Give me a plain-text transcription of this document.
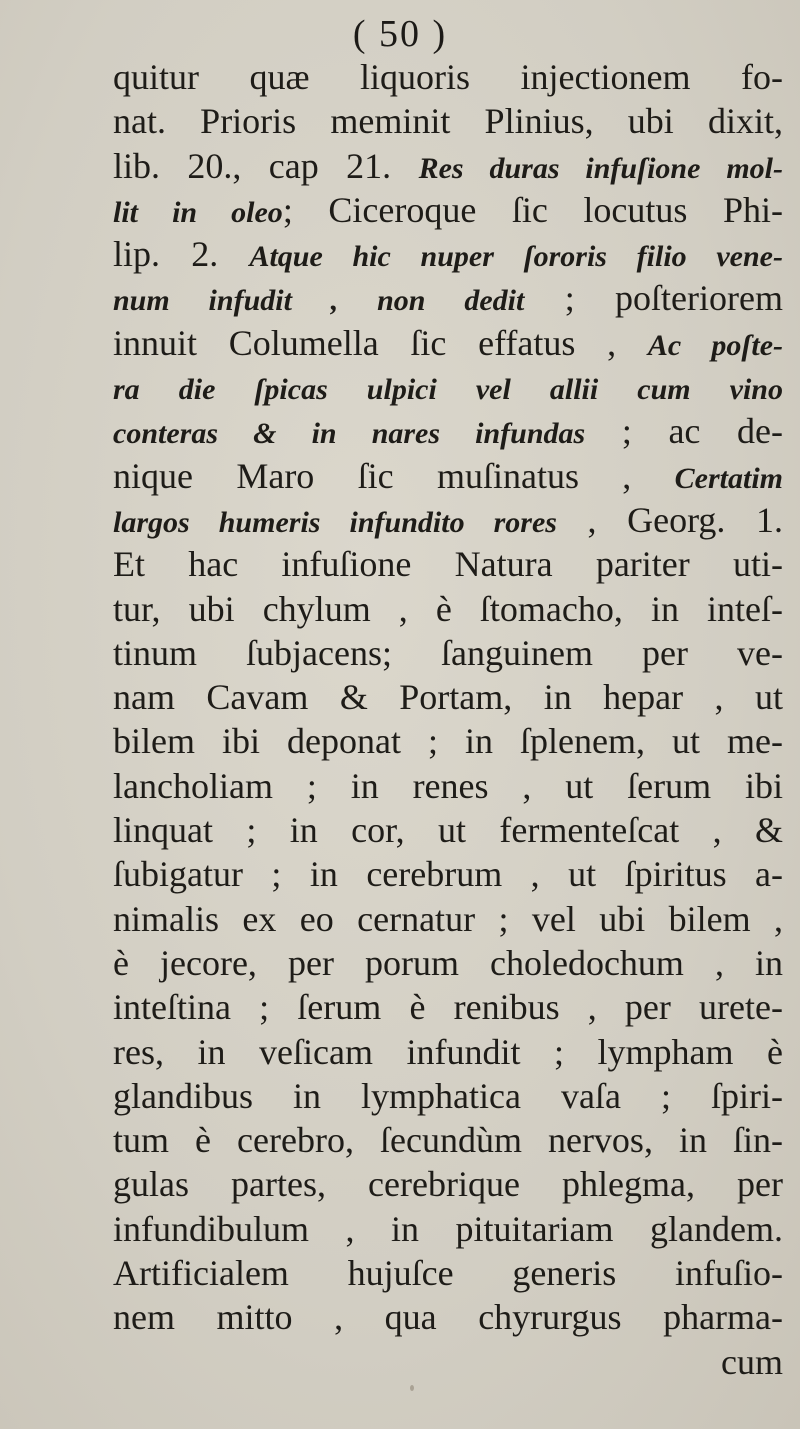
( 50 )
quitur quæ liquoris injectionem fo-
nat. Prioris meminit Plinius, ubi dixit,
lib. 20., cap 21. Res duras infuſione mol-
lit in oleo; Ciceroque ſic locutus Phi-
lip. 2. Atque hic nuper ſororis filio vene-
num infudit , non dedit ; poſteriorem
innuit Columella ſic effatus , Ac poſte-
ra die ſpicas ulpici vel allii cum vino
conteras & in nares infundas ; ac de-
nique Maro ſic muſinatus , Certatim
largos humeris infundito rores , Georg. 1.
Et hac infuſione Natura pariter uti-
tur, ubi chylum , è ſtomacho, in inteſ-
tinum ſubjacens; ſanguinem per ve-
nam Cavam & Portam, in hepar , ut
bilem ibi deponat ; in ſplenem, ut me-
lancholiam ; in renes , ut ſerum ibi
linquat ; in cor, ut fermenteſcat , &
ſubigatur ; in cerebrum , ut ſpiritus a-
nimalis ex eo cernatur ; vel ubi bilem ,
è jecore, per porum choledochum , in
inteſtina ; ſerum è renibus , per urete-
res, in veſicam infundit ; lympham è
glandibus in lymphatica vaſa ; ſpiri-
tum è cerebro, ſecundùm nervos, in ſin-
gulas partes, cerebrique phlegma, per
infundibulum , in pituitariam glandem.
Artificialem hujuſce generis infuſio-
nem mitto , qua chyrurgus pharma-
cum
